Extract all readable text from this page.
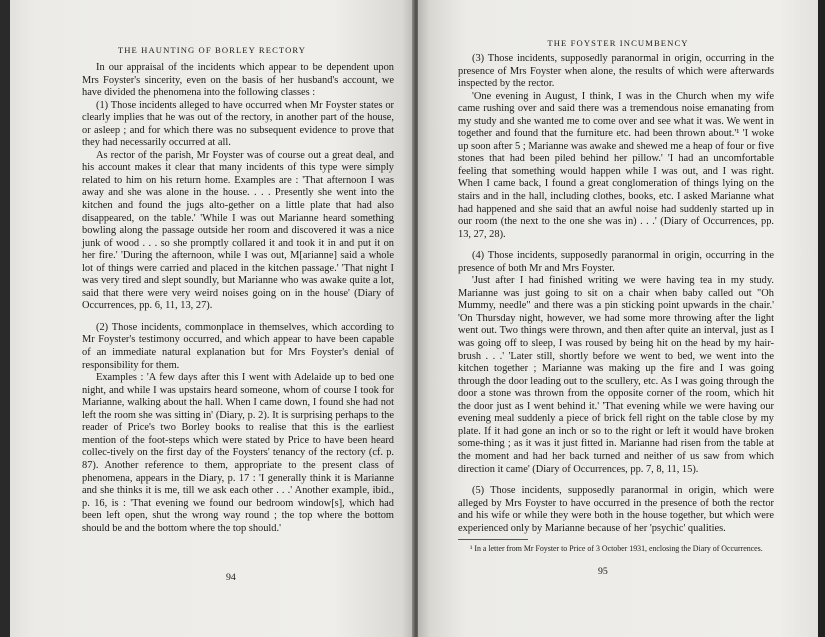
THE HAUNTING OF BORLEY RECTORY

In our appraisal of the incidents which appear to be dependent upon Mrs Foyster's sincerity, even on the basis of her husband's account, we have divided the phenomena into the following classes :

(1) Those incidents alleged to have occurred when Mr Foyster states or clearly implies that he was out of the rectory, in another part of the house, or asleep ; and for which there was no subsequent evidence to prove that they had necessarily occurred at all.

As rector of the parish, Mr Foyster was of course out a great deal, and his account makes it clear that many incidents of this type were simply related to him on his return home. Examples are : 'That afternoon I was away and she was alone in the house. . . . Presently she went into the kitchen and found the jugs alto-gether on a little plate that had also disappeared, on the table.' 'While I was out Marianne heard something bowling along the passage outside her room and discovered it was a nice junk of wood . . . so she promptly collared it and took it in and put it on her fire.' 'During the afternoon, while I was out, M[arianne] said a whole lot of things were carried and placed in the kitchen passage.' 'That night I was very tired and slept soundly, but Marianne who was awake quite a lot, said that there were very weird noises going on in the house' (Diary of Occurrences, pp. 6, 11, 13, 27).

(2) Those incidents, commonplace in themselves, which according to Mr Foyster's testimony occurred, and which appear to have been capable of an immediate natural explanation but for Mrs Foyster's denial of responsibility for them.

Examples : 'A few days after this I went with Adelaide up to bed one night, and while I was upstairs heard someone, whom of course I took for Marianne, walking about the hall. When I came down, I found she had not left the room she was sitting in' (Diary, p. 2). It is surprising perhaps to the reader of Price's two Borley books to realise that this is the earliest mention of the foot-steps which were stated by Price to have been heard collec-tively on the first day of the Foysters' tenancy of the rectory (cf. p. 87). Another reference to them, appropriate to the present class of phenomena, appears in the Diary, p. 17 : 'I generally think it is Marianne and she thinks it is me, till we ask each other . . .' Another example, ibid., p. 16, is : 'That evening we found our bedroom window[s], which had been left open, shut the wrong way round ; the top where the bottom should be and the bottom where the top should.'

94
THE FOYSTER INCUMBENCY

(3) Those incidents, supposedly paranormal in origin, occurring in the presence of Mrs Foyster when alone, the results of which were afterwards inspected by the rector.

'One evening in August, I think, I was in the Church when my wife came rushing over and said there was a tremendous noise emanating from my study and she wanted me to come over and see what it was. We went in together and found that the furniture etc. had been thrown about.'¹ 'I woke up soon after 5 ; Marianne was awake and shewed me a heap of four or five stones that had been piled behind her pillow.' 'I had an uncomfortable feeling that something would happen while I was out, and I was right. When I came back, I found a great conglomeration of things lying on the stairs and in the hall, including clothes, books, etc. I asked Marianne what had happened and she said that an awful noise had suddenly started up in our room (the next to the one she was in) . . .' (Diary of Occurrences, pp. 13, 27, 28).

(4) Those incidents, supposedly paranormal in origin, occurring in the presence of both Mr and Mrs Foyster.

'Just after I had finished writing we were having tea in my study. Marianne was just going to sit on a chair when baby called out "Oh Mummy, needle" and there was a pin sticking point upwards in the chair.' 'On Thursday night, however, we had some more throwing after the light went out. Two things were thrown, and then after quite an interval, just as I was going off to sleep, I was roused by being hit on the head by my hair-brush . . .' 'Later still, shortly before we went to bed, we went into the kitchen together ; Marianne was making up the fire and I was going through the door leading out to the scullery, etc. As I was going through the door a stone was thrown from the opposite corner of the room, which hit the door just as I went behind it.' 'That evening while we were having our evening meal suddenly a piece of brick fell right on the table close by my plate. If it had gone an inch or so to the right or left it would have broken some-thing ; as it was it just fitted in. Marianne had risen from the table at the moment and had her back turned and neither of us saw from which direction it came' (Diary of Occurrences, pp. 7, 8, 11, 15).

(5) Those incidents, supposedly paranormal in origin, which were alleged by Mrs Foyster to have occurred in the presence of both the rector and his wife or while they were both in the house together, but which were experienced only by Marianne because of her 'psychic' qualities.

¹ In a letter from Mr Foyster to Price of 3 October 1931, enclosing the Diary of Occurrences.

95
